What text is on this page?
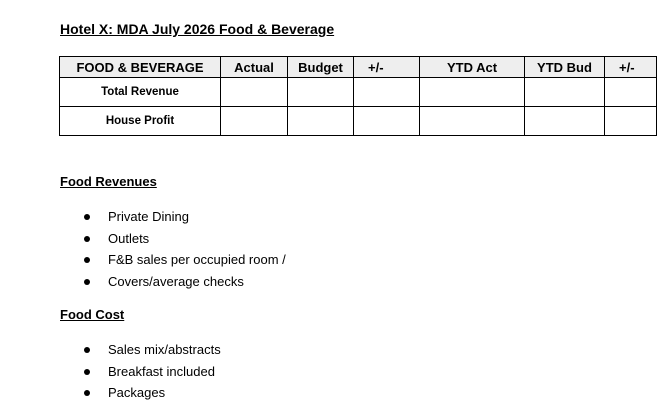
Hotel X: MDA July 2026 Food & Beverage
FOOD & BEVERAGE	Actual	Budget	+/-	YTD Act	YTD Bud	+/-
Total Revenue						
House Profit						
Food Revenues
Private Dining
Outlets
F&B sales per occupied room /
Covers/average checks
Food Cost
Sales mix/abstracts
Breakfast included
Packages
